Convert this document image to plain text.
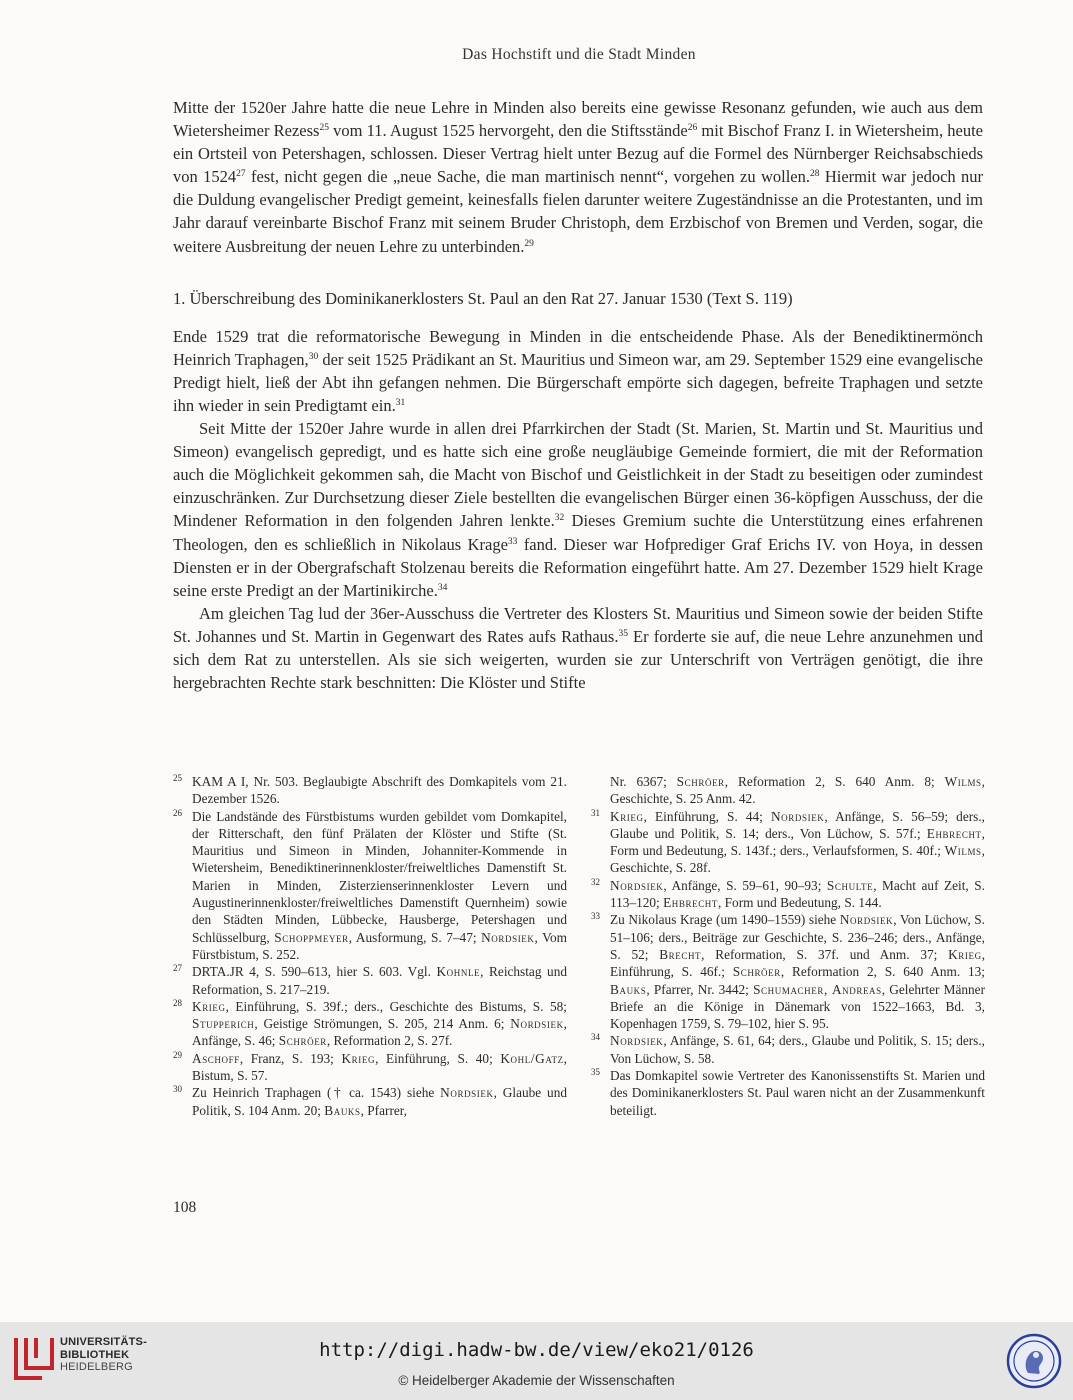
Das Hochstift und die Stadt Minden

Mitte der 1520er Jahre hatte die neue Lehre in Minden also bereits eine gewisse Resonanz gefunden, wie auch aus dem Wietersheimer Rezess$^{25}$ vom 11. August 1525 hervorgeht, den die Stiftsstände$^{26}$ mit Bischof Franz I. in Wietersheim, heute ein Ortsteil von Petershagen, schlossen. Dieser Vertrag hielt unter Bezug auf die Formel des Nürnberger Reichsabschieds von 1524$^{27}$ fest, nicht gegen die „neue Sache, die man martinisch nennt“, vorgehen zu wollen.$^{28}$ Hiermit war jedoch nur die Duldung evangelischer Predigt gemeint, keinesfalls fielen darunter weitere Zugeständnisse an die Protestanten, und im Jahr darauf vereinbarte Bischof Franz mit seinem Bruder Christoph, dem Erzbischof von Bremen und Verden, sogar, die weitere Ausbreitung der neuen Lehre zu unterbinden.$^{29}$

1. Überschreibung des Dominikanerklosters St. Paul an den Rat 27. Januar 1530 (Text S. 119)

Ende 1529 trat die reformatorische Bewegung in Minden in die entscheidende Phase. Als der Benediktinermönch Heinrich Traphagen,$^{30}$ der seit 1525 Prädikant an St. Mauritius und Simeon war, am 29. September 1529 eine evangelische Predigt hielt, ließ der Abt ihn gefangen nehmen. Die Bürgerschaft empörte sich dagegen, befreite Traphagen und setzte ihn wieder in sein Predigtamt ein.$^{31}$

Seit Mitte der 1520er Jahre wurde in allen drei Pfarrkirchen der Stadt (St. Marien, St. Martin und St. Mauritius und Simeon) evangelisch gepredigt, und es hatte sich eine große neugläubige Gemeinde formiert, die mit der Reformation auch die Möglichkeit gekommen sah, die Macht von Bischof und Geistlichkeit in der Stadt zu beseitigen oder zumindest einzuschränken. Zur Durchsetzung dieser Ziele bestellten die evangelischen Bürger einen 36-köpfigen Ausschuss, der die Mindener Reformation in den folgenden Jahren lenkte.$^{32}$ Dieses Gremium suchte die Unterstützung eines erfahrenen Theologen, den es schließlich in Nikolaus Krage$^{33}$ fand. Dieser war Hofprediger Graf Erichs IV. von Hoya, in dessen Diensten er in der Obergrafschaft Stolzenau bereits die Reformation eingeführt hatte. Am 27. Dezember 1529 hielt Krage seine erste Predigt an der Martinikirche.$^{34}$

Am gleichen Tag lud der 36er-Ausschuss die Vertreter des Klosters St. Mauritius und Simeon sowie der beiden Stifte St. Johannes und St. Martin in Gegenwart des Rates aufs Rathaus.$^{35}$ Er forderte sie auf, die neue Lehre anzunehmen und sich dem Rat zu unterstellen. Als sie sich weigerten, wurden sie zur Unterschrift von Verträgen genötigt, die ihre hergebrachten Rechte stark beschnitten: Die Klöster und Stifte

25 KAM A I, Nr. 503. Beglaubigte Abschrift des Domkapitels vom 21. Dezember 1526.

26 Die Landstände des Fürstbistums wurden gebildet vom Domkapitel, der Ritterschaft, den fünf Prälaten der Klöster und Stifte (St. Mauritius und Simeon in Minden, Johanniter-Kommende in Wietersheim, Benediktinerinnenkloster/freiweltliches Damenstift St. Marien in Minden, Zisterzienserinnenkloster Levern und Augustinerinnenkloster/freiweltliches Damenstift Quernheim) sowie den Städten Minden, Lübbecke, Hausberge, Petershagen und Schlüsselburg, Schoppmeyer, Ausformung, S. 7–47; Nordsiek, Vom Fürstbistum, S. 252.

27 DRTA.JR 4, S. 590–613, hier S. 603. Vgl. Kohnle, Reichstag und Reformation, S. 217–219.

28 Krieg, Einführung, S. 39f.; ders., Geschichte des Bistums, S. 58; Stupperich, Geistige Strömungen, S. 205, 214 Anm. 6; Nordsiek, Anfänge, S. 46; Schröer, Reformation 2, S. 27f.

29 Aschoff, Franz, S. 193; Krieg, Einführung, S. 40; Kohl/Gatz, Bistum, S. 57.

30 Zu Heinrich Traphagen († ca. 1543) siehe Nordsiek, Glaube und Politik, S. 104 Anm. 20; Bauks, Pfarrer,

Nr. 6367; Schröer, Reformation 2, S. 640 Anm. 8; Wilms, Geschichte, S. 25 Anm. 42.

31 Krieg, Einführung, S. 44; Nordsiek, Anfänge, S. 56–59; ders., Glaube und Politik, S. 14; ders., Von Lüchow, S. 57f.; Ehbrecht, Form und Bedeutung, S. 143f.; ders., Verlaufsformen, S. 40f.; Wilms, Geschichte, S. 28f.

32 Nordsiek, Anfänge, S. 59–61, 90–93; Schulte, Macht auf Zeit, S. 113–120; Ehbrecht, Form und Bedeutung, S. 144.

33 Zu Nikolaus Krage (um 1490–1559) siehe Nordsiek, Von Lüchow, S. 51–106; ders., Beiträge zur Geschichte, S. 236–246; ders., Anfänge, S. 52; Brecht, Reformation, S. 37f. und Anm. 37; Krieg, Einführung, S. 46f.; Schröer, Reformation 2, S. 640 Anm. 13; Bauks, Pfarrer, Nr. 3442; Schumacher, Andreas, Gelehrter Männer Briefe an die Könige in Dänemark von 1522–1663, Bd. 3, Kopenhagen 1759, S. 79–102, hier S. 95.

34 Nordsiek, Anfänge, S. 61, 64; ders., Glaube und Politik, S. 15; ders., Von Lüchow, S. 58.

35 Das Domkapitel sowie Vertreter des Kanonissenstifts St. Marien und des Dominikanerklosters St. Paul waren nicht an der Zusammenkunft beteiligt.

108
UNIVERSITÄTS-
BIBLIOTHEK
HEIDELBERG
http://digi.hadw-bw.de/view/eko21/0126
© Heidelberger Akademie der Wissenschaften
